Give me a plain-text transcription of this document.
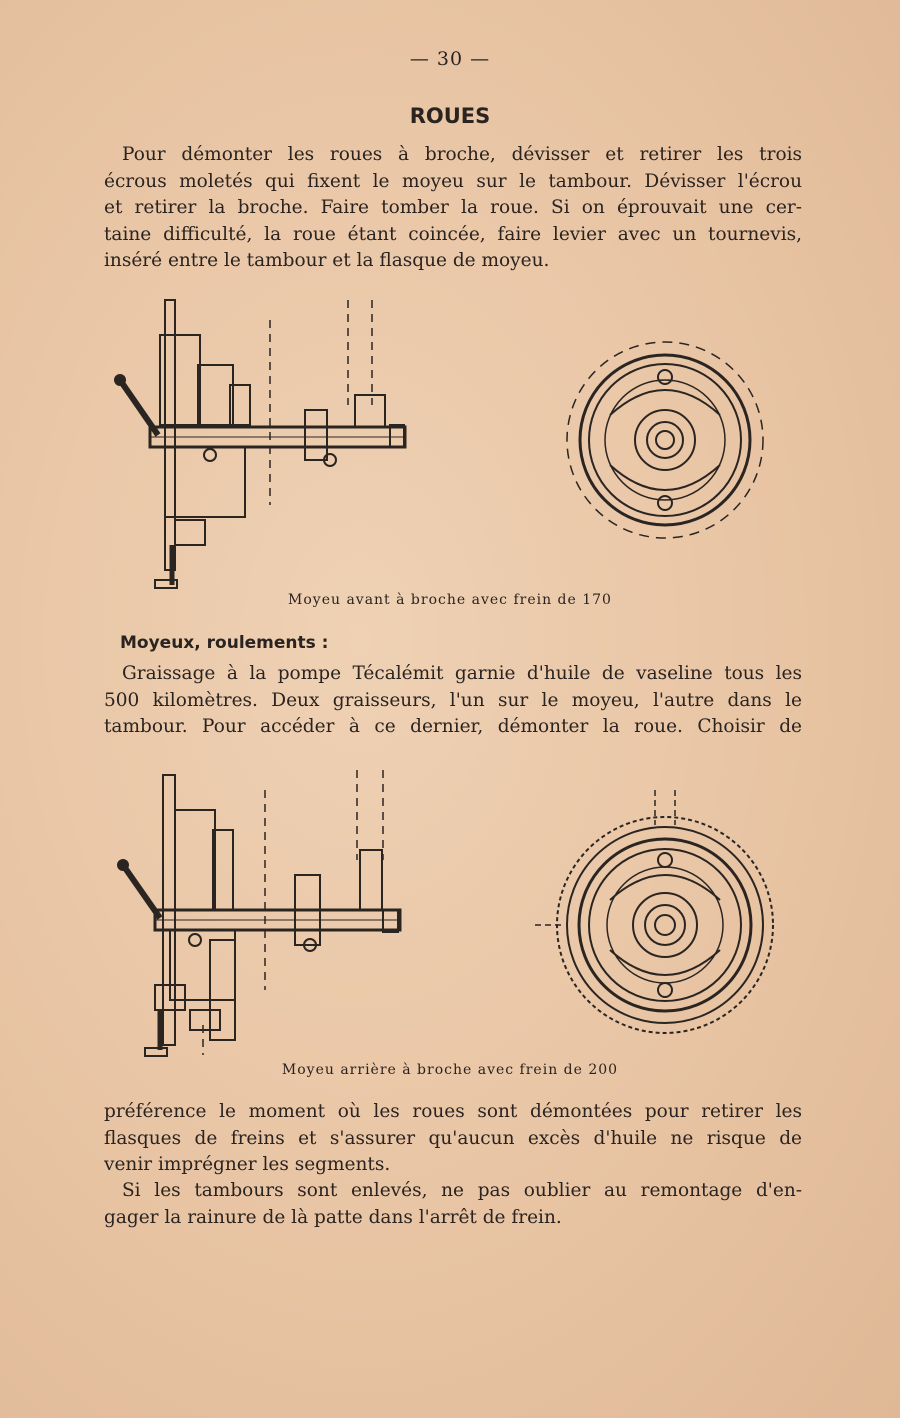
— 30 —
ROUES
Pour démonter les roues à broche, dévisser et retirer les trois
écrous moletés qui fixent le moyeu sur le tambour. Dévisser l'écrou
et retirer la broche. Faire tomber la roue. Si on éprouvait une cer-
taine difficulté, la roue étant coincée, faire levier avec un tournevis,
inséré entre le tambour et la flasque de moyeu.
Moyeu avant à broche avec frein de 170
Moyeux, roulements :
Graissage à la pompe Técalémit garnie d'huile de vaseline tous les
500 kilomètres. Deux graisseurs, l'un sur le moyeu, l'autre dans le
tambour. Pour accéder à ce dernier, démonter la roue. Choisir de
Moyeu arrière à broche avec frein de 200
préférence le moment où les roues sont démontées pour retirer les
flasques de freins et s'assurer qu'aucun excès d'huile ne risque de
venir imprégner les segments.
Si les tambours sont enlevés, ne pas oublier au remontage d'en-
gager la rainure de là patte dans l'arrêt de frein.
